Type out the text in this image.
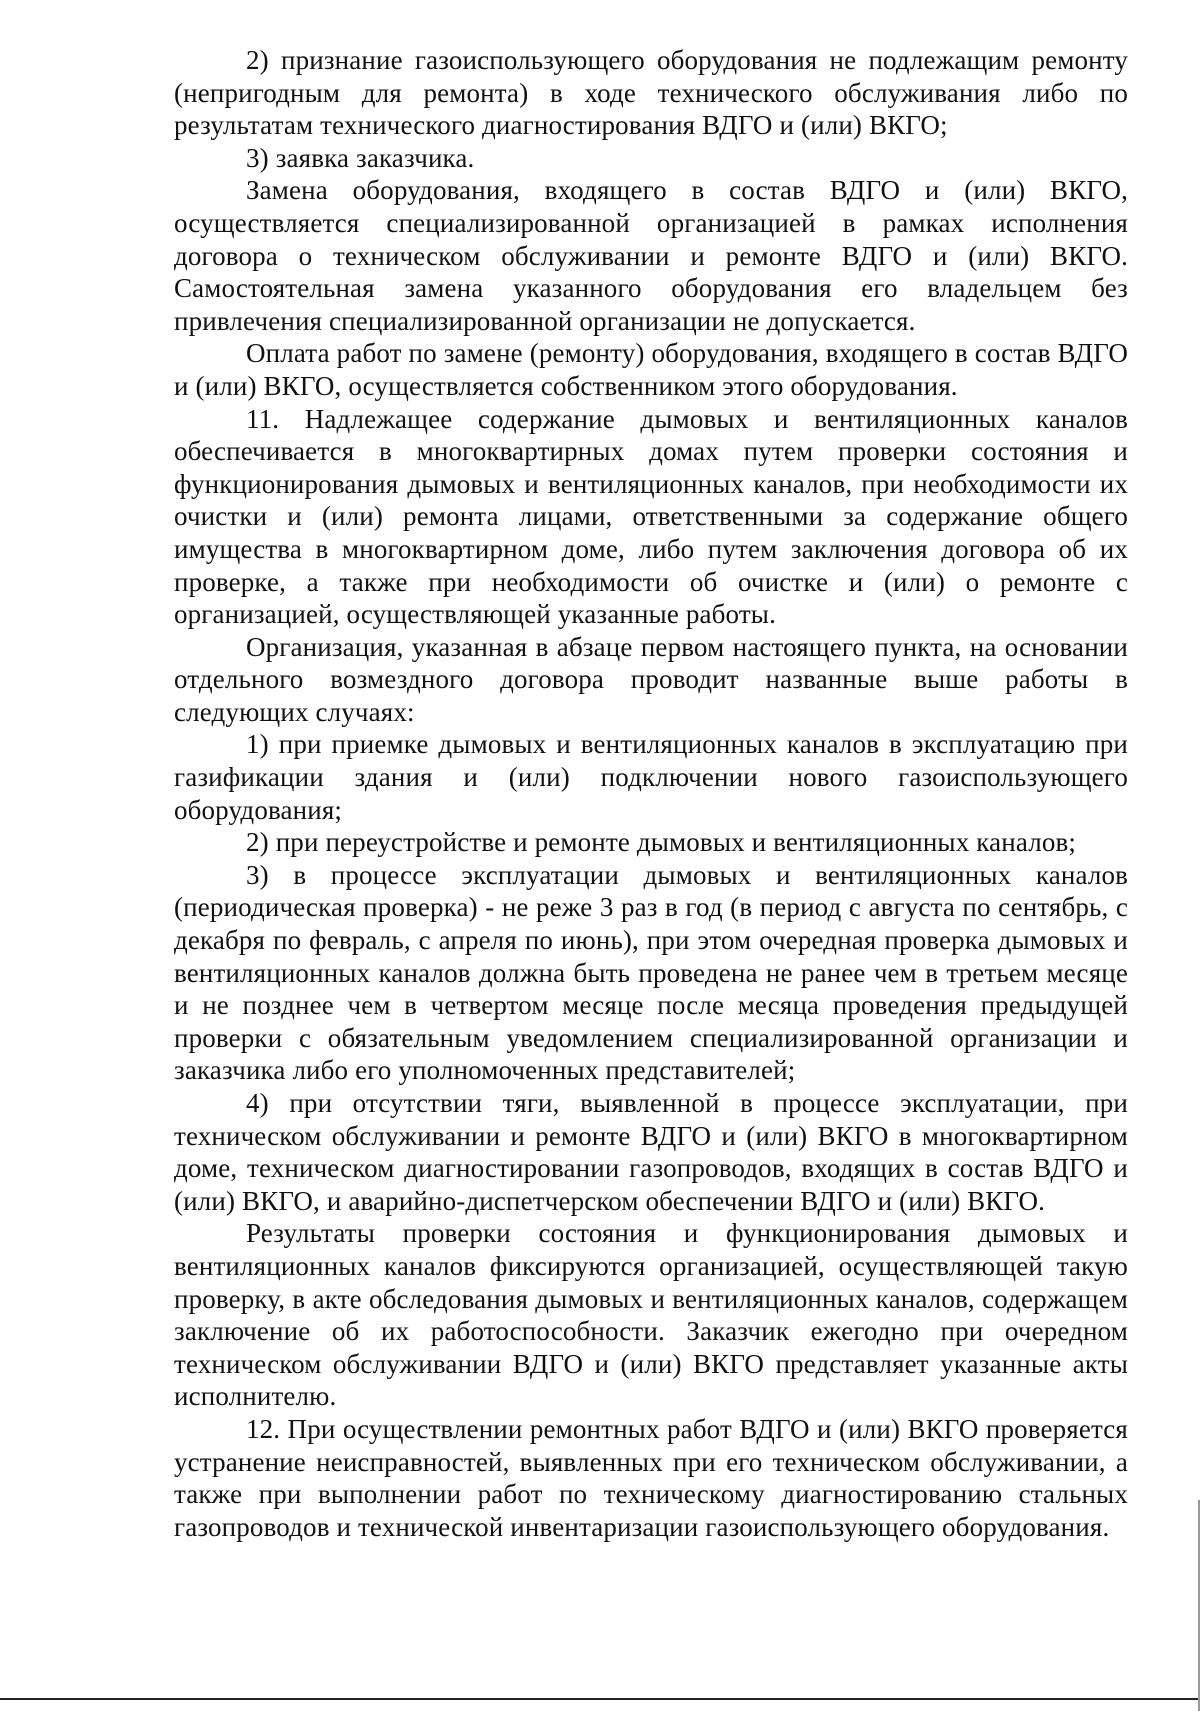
2) признание газоиспользующего оборудования не подлежащим ремонту (непригодным для ремонта) в ходе технического обслуживания либо по результатам технического диагностирования ВДГО и (или) ВКГО;

3) заявка заказчика.

Замена оборудования, входящего в состав ВДГО и (или) ВКГО, осуществляется специализированной организацией в рамках исполнения договора о техническом обслуживании и ремонте ВДГО и (или) ВКГО. Самостоятельная замена указанного оборудования его владельцем без привлечения специализированной организации не допускается.

Оплата работ по замене (ремонту) оборудования, входящего в состав ВДГО и (или) ВКГО, осуществляется собственником этого оборудования.

11. Надлежащее содержание дымовых и вентиляционных каналов обеспечивается в многоквартирных домах путем проверки состояния и функционирования дымовых и вентиляционных каналов, при необходимости их очистки и (или) ремонта лицами, ответственными за содержание общего имущества в многоквартирном доме, либо путем заключения договора об их проверке, а также при необходимости об очистке и (или) о ремонте с организацией, осуществляющей указанные работы.

Организация, указанная в абзаце первом настоящего пункта, на основании отдельного возмездного договора проводит названные выше работы в следующих случаях:

1) при приемке дымовых и вентиляционных каналов в эксплуатацию при газификации здания и (или) подключении нового газоиспользующего оборудования;

2) при переустройстве и ремонте дымовых и вентиляционных каналов;

3) в процессе эксплуатации дымовых и вентиляционных каналов (периодическая проверка) - не реже 3 раз в год (в период с августа по сентябрь, с декабря по февраль, с апреля по июнь), при этом очередная проверка дымовых и вентиляционных каналов должна быть проведена не ранее чем в третьем месяце и не позднее чем в четвертом месяце после месяца проведения предыдущей проверки с обязательным уведомлением специализированной организации и заказчика либо его уполномоченных представителей;

4) при отсутствии тяги, выявленной в процессе эксплуатации, при техническом обслуживании и ремонте ВДГО и (или) ВКГО в многоквартирном доме, техническом диагностировании газопроводов, входящих в состав ВДГО и (или) ВКГО, и аварийно-диспетчерском обеспечении ВДГО и (или) ВКГО.

Результаты проверки состояния и функционирования дымовых и вентиляционных каналов фиксируются организацией, осуществляющей такую проверку, в акте обследования дымовых и вентиляционных каналов, содержащем заключение об их работоспособности. Заказчик ежегодно при очередном техническом обслуживании ВДГО и (или) ВКГО представляет указанные акты исполнителю.

12. При осуществлении ремонтных работ ВДГО и (или) ВКГО проверяется устранение неисправностей, выявленных при его техническом обслуживании, а также при выполнении работ по техническому диагностированию стальных газопроводов и технической инвентаризации газоиспользующего оборудования.
